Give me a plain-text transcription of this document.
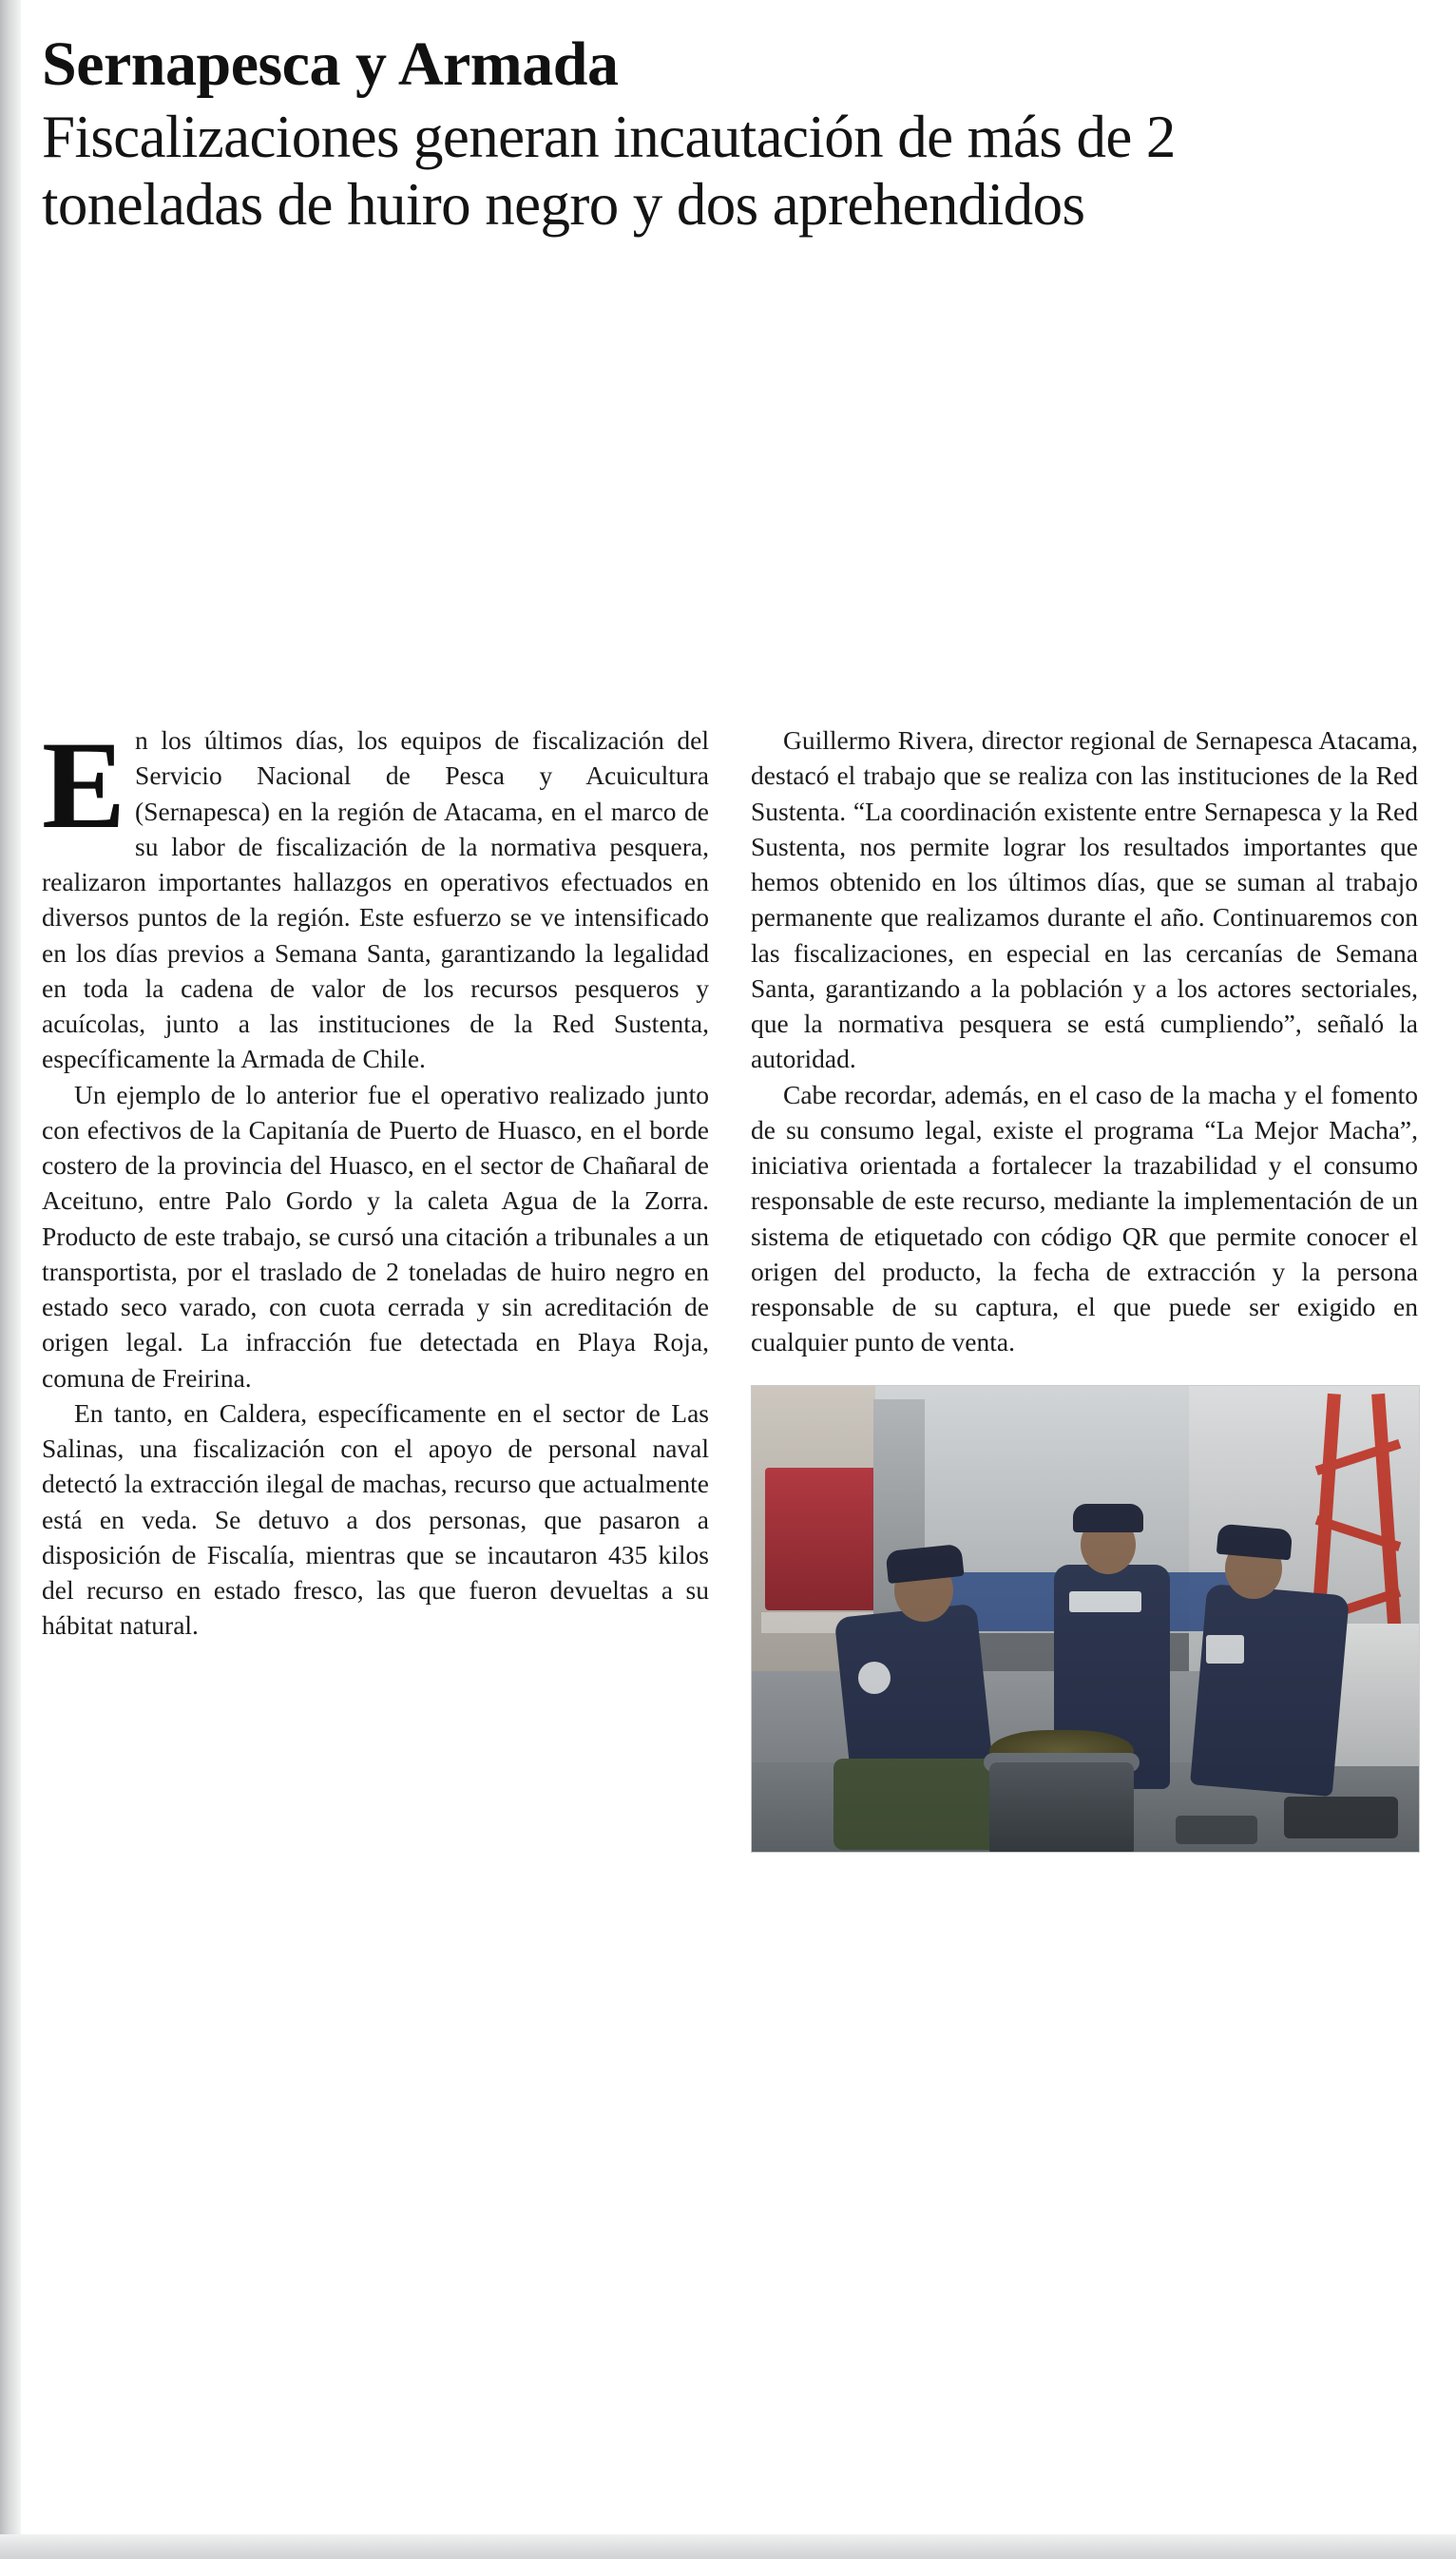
Sernapesca y Armada
Fiscalizaciones generan incautación de más de 2 toneladas de huiro negro y dos aprehendidos

En los últimos días, los equipos de fiscalización del Servicio Nacional de Pesca y Acuicultura (Sernapesca) en la región de Atacama, en el marco de su labor de fiscalización de la normativa pesquera, realizaron importantes hallazgos en operativos efectuados en diversos puntos de la región. Este esfuerzo se ve intensificado en los días previos a Semana Santa, garantizando la legalidad en toda la cadena de valor de los recursos pesqueros y acuícolas, junto a las instituciones de la Red Sustenta, específicamente la Armada de Chile.

Un ejemplo de lo anterior fue el operativo realizado junto con efectivos de la Capitanía de Puerto de Huasco, en el borde costero de la provincia del Huasco, en el sector de Chañaral de Aceituno, entre Palo Gordo y la caleta Agua de la Zorra. Producto de este trabajo, se cursó una citación a tribunales a un transportista, por el traslado de 2 toneladas de huiro negro en estado seco varado, con cuota cerrada y sin acreditación de origen legal. La infracción fue detectada en Playa Roja, comuna de Freirina.

En tanto, en Caldera, específicamente en el sector de Las Salinas, una fiscalización con el apoyo de personal naval detectó la extracción ilegal de machas, recurso que actualmente está en veda. Se detuvo a dos personas, que pasaron a disposición de Fiscalía, mientras que se incautaron 435 kilos del recurso en estado fresco, las que fueron devueltas a su hábitat natural.

Guillermo Rivera, director regional de Sernapesca Atacama, destacó el trabajo que se realiza con las instituciones de la Red Sustenta. “La coordinación existente entre Sernapesca y la Red Sustenta, nos permite lograr los resultados importantes que hemos obtenido en los últimos días, que se suman al trabajo permanente que realizamos durante el año. Continuaremos con las fiscalizaciones, en especial en las cercanías de Semana Santa, garantizando a la población y a los actores sectoriales, que la normativa pesquera se está cumpliendo”, señaló la autoridad.

Cabe recordar, además, en el caso de la macha y el fomento de su consumo legal, existe el programa “La Mejor Macha”, iniciativa orientada a fortalecer la trazabilidad y el consumo responsable de este recurso, mediante la implementación de un sistema de etiquetado con código QR que permite conocer el origen del producto, la fecha de extracción y la persona responsable de su captura, el que puede ser exigido en cualquier punto de venta.
